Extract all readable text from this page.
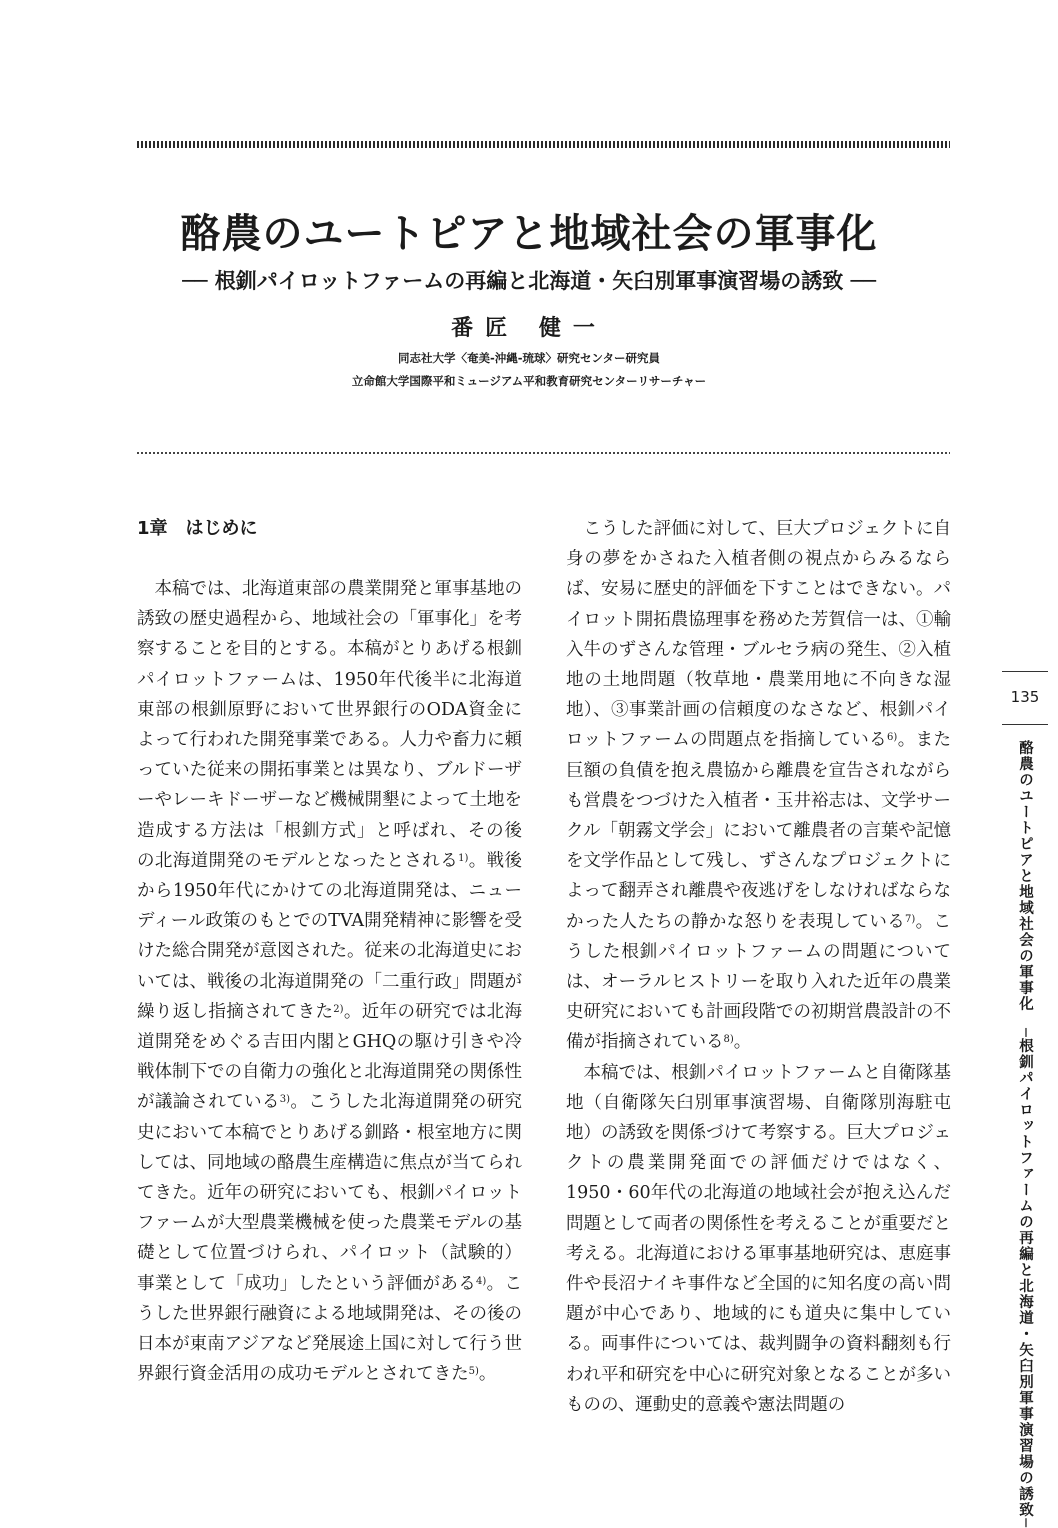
酪農のユートピアと地域社会の軍事化
── 根釧パイロットファームの再編と北海道・矢臼別軍事演習場の誘致 ──
番匠 健一
同志社大学〈奄美-沖縄-琉球〉研究センター研究員
立命館大学国際平和ミュージアム平和教育研究センターリサーチャー
1章　はじめに

本稿では、北海道東部の農業開発と軍事基地の誘致の歴史過程から、地域社会の「軍事化」を考察することを目的とする。本稿がとりあげる根釧パイロットファームは、1950年代後半に北海道東部の根釧原野において世界銀行のODA資金によって行われた開発事業である。人力や畜力に頼っていた従来の開拓事業とは異なり、ブルドーザーやレーキドーザーなど機械開墾によって土地を造成する方法は「根釧方式」と呼ばれ、その後の北海道開発のモデルとなったとされる$^{1)}$。戦後から1950年代にかけての北海道開発は、ニューディール政策のもとでのTVA開発精神に影響を受けた総合開発が意図された。従来の北海道史においては、戦後の北海道開発の「二重行政」問題が繰り返し指摘されてきた$^{2)}$。近年の研究では北海道開発をめぐる吉田内閣とGHQの駆け引きや冷戦体制下での自衛力の強化と北海道開発の関係性が議論されている$^{3)}$。こうした北海道開発の研究史において本稿でとりあげる釧路・根室地方に関しては、同地域の酪農生産構造に焦点が当てられてきた。近年の研究においても、根釧パイロットファームが大型農業機械を使った農業モデルの基礎として位置づけられ、パイロット（試験的）事業として「成功」したという評価がある$^{4)}$。こうした世界銀行融資による地域開発は、その後の日本が東南アジアなど発展途上国に対して行う世界銀行資金活用の成功モデルとされてきた$^{5)}$。

こうした評価に対して、巨大プロジェクトに自身の夢をかさねた入植者側の視点からみるならば、安易に歴史的評価を下すことはできない。パイロット開拓農協理事を務めた芳賀信一は、①輸入牛のずさんな管理・ブルセラ病の発生、②入植地の土地問題（牧草地・農業用地に不向きな湿地）、③事業計画の信頼度のなさなど、根釧パイロットファームの問題点を指摘している$^{6)}$。また巨額の負債を抱え農協から離農を宣告されながらも営農をつづけた入植者・玉井裕志は、文学サークル「朝霧文学会」において離農者の言葉や記憶を文学作品として残し、ずさんなプロジェクトによって翻弄され離農や夜逃げをしなければならなかった人たちの静かな怒りを表現している$^{7)}$。こうした根釧パイロットファームの問題については、オーラルヒストリーを取り入れた近年の農業史研究においても計画段階での初期営農設計の不備が指摘されている$^{8)}$。

本稿では、根釧パイロットファームと自衛隊基地（自衛隊矢臼別軍事演習場、自衛隊別海駐屯地）の誘致を関係づけて考察する。巨大プロジェクトの農業開発面での評価だけではなく、1950・60年代の北海道の地域社会が抱え込んだ問題として両者の関係性を考えることが重要だと考える。北海道における軍事基地研究は、恵庭事件や長沼ナイキ事件など全国的に知名度の高い問題が中心であり、地域的にも道央に集中している。両事件については、裁判闘争の資料翻刻も行われ平和研究を中心に研究対象となることが多いものの、運動史的意義や憲法問題の

135
酪農のユートピアと地域社会の軍事化　─根釧パイロットファームの再編と北海道・矢臼別軍事演習場の誘致─
